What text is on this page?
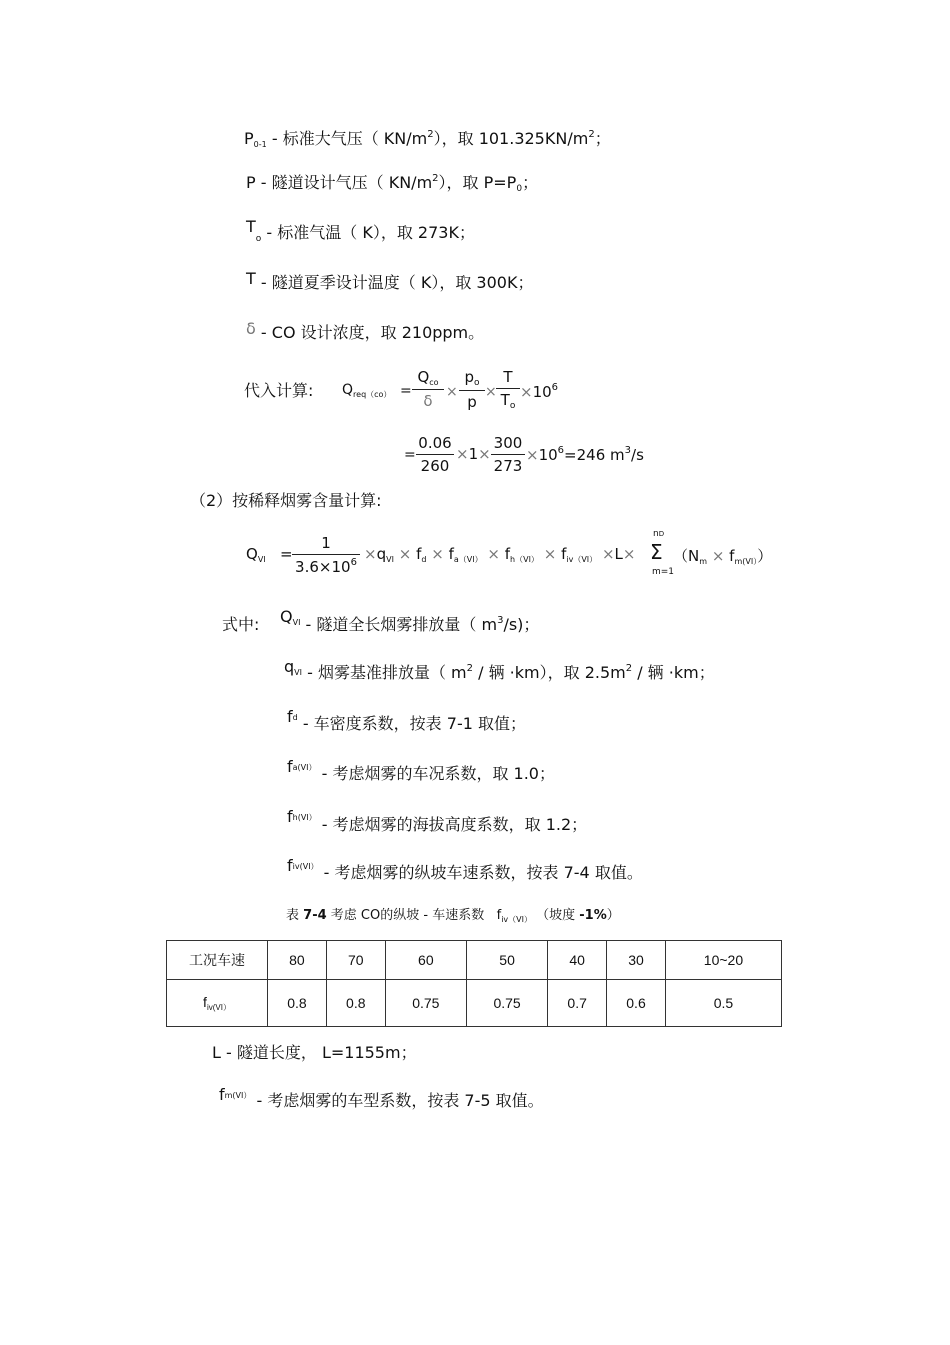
P0-1 - 标准大气压（ $KN/m^2$），取 $101.325KN/m^2$；
P - 隧道设计气压（ $KN/m^2$），取 $P=P_0$；
$T_o$ - 标准气温（ K），取 273K；
T - 隧道夏季设计温度（ K），取 300K；
δ - CO 设计浓度，取 210ppm。
代入计算: $Q_{req(co)}$ =
$Q_{co}$
δ ×
$p_o$
p
×
T
$T_o$
$\times 10^6$
=
0.06
260
×1×
300
273
$\times 10^6=246$ $m^3/s$
（2）按稀释烟雾含量计算:
$Q_{VI}$ =
1
$3.6\times 10^6 \times q_{VI} \times f_d \times f_{a(VI)} \times f_{h(VI)} \times f_{iv(VI)} \times L\times$
nD
Σ
m=1
$(N_m \times f_{m(VI)})$
式中: QVI - 隧道全长烟雾排放量（ $m^3/s$)；
qVI - 烟雾基准排放量（ $m^2$ / 辆 ·km），取 $2.5m^2$ / 辆 ·km；
fd - 车密度系数，按表 7-1 取值；
fa(VI） - 考虑烟雾的车况系数，取 1.0；
fh(VI） - 考虑烟雾的海拔高度系数，取 1.2；
fiv(VI） - 考虑烟雾的纵坡车速系数，按表 7-4 取值。
表 7-4 考虑 CO的纵坡 - 车速系数 $f_{iv(VI)}$ （坡度 -1%）
工况车速	80	70	60	50	40	30	10~20
$f_{iv(VI)}$	0.8	0.8	0.75	0.75	0.7	0.6	0.5
L - 隧道长度， L=1155m；
fm(VI） - 考虑烟雾的车型系数，按表 7-5 取值。
